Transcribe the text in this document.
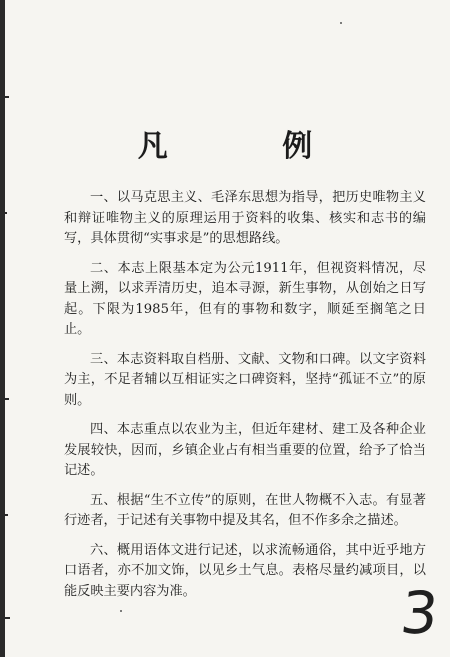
凡 例

一、以马克思主义、毛泽东思想为指导，把历史唯物主义和辩证唯物主义的原理运用于资料的收集、核实和志书的编写，具体贯彻“实事求是”的思想路线。

二、本志上限基本定为公元1911年，但视资料情况，尽量上溯，以求弄清历史，追本寻源，新生事物，从创始之日写起。下限为1985年，但有的事物和数字，顺延至搁笔之日止。

三、本志资料取自档册、文献、文物和口碑。以文字资料为主，不足者辅以互相证实之口碑资料，坚持“孤证不立”的原则。

四、本志重点以农业为主，但近年建材、建工及各种企业发展较快，因而，乡镇企业占有相当重要的位置，给予了恰当记述。

五、根据“生不立传”的原则，在世人物概不入志。有显著行迹者，于记述有关事物中提及其名，但不作多余之描述。

六、概用语体文进行记述，以求流畅通俗，其中近乎地方口语者，亦不加文饰，以见乡土气息。表格尽量约减项目，以能反映主要内容为准。	3
